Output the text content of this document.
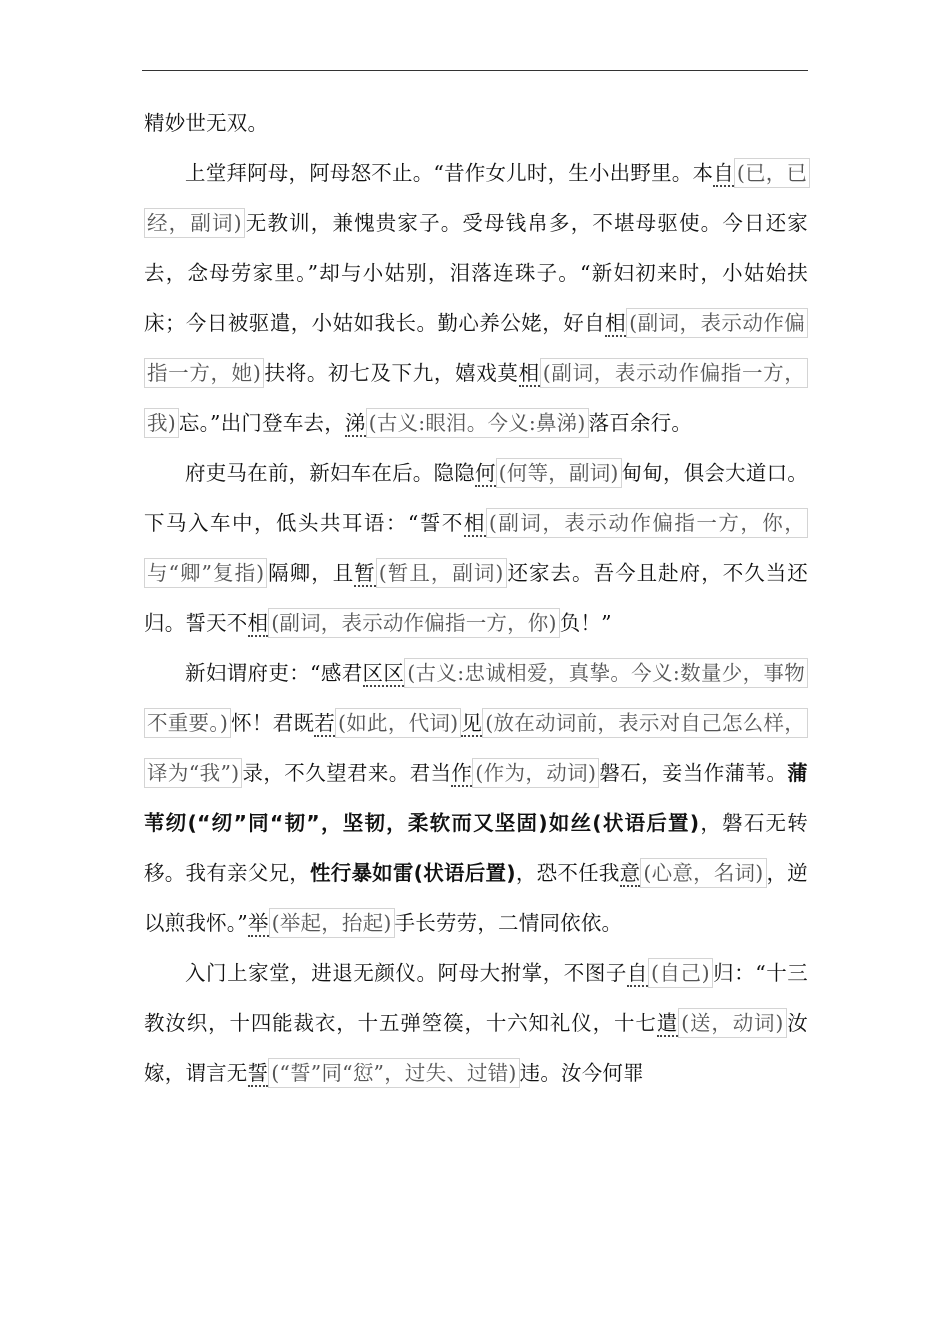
精妙世无双。

上堂拜阿母，阿母怒不止。“昔作女儿时，生小出野里。本自 (已，已经，副词) 无教训，兼愧贵家子。受母钱帛多，不堪母驱使。今日还家去，念母劳家里。”却与小姑别，泪落连珠子。“新妇初来时，小姑始扶床；今日被驱遣，小姑如我长。勤心养公姥，好自相 (副词，表示动作偏指一方，她) 扶将。初七及下九，嬉戏莫相 (副词，表示动作偏指一方，我) 忘。”出门登车去，涕 (古义:眼泪。今义:鼻涕) 落百余行。

府吏马在前，新妇车在后。隐隐何 (何等，副词) 甸甸，俱会大道口。下马入车中，低头共耳语：“誓不相 (副词，表示动作偏指一方，你，与“卿”复指) 隔卿，且暂 (暂且，副词) 还家去。吾今且赴府，不久当还归。誓天不相 (副词，表示动作偏指一方，你) 负！”

新妇谓府吏：“感君区区 (古义:忠诚相爱，真挚。今义:数量少，事物不重要。) 怀！君既若 (如此，代词) 见 (放在动词前，表示对自己怎么样，译为“我”) 录，不久望君来。君当作 (作为，动词) 磐石，妾当作蒲苇。蒲苇纫(“纫”同“韧”，坚韧，柔软而又坚固)如丝(状语后置)，磐石无转移。我有亲父兄，性行暴如雷(状语后置)，恐不任我意 (心意，名词) ，逆以煎我怀。”举 (举起，抬起) 手长劳劳，二情同依依。

入门上家堂，进退无颜仪。阿母大拊掌，不图子自 (自己) 归：“十三教汝织，十四能裁衣，十五弹箜篌，十六知礼仪，十七遣 (送，动词) 汝嫁，谓言无誓 (“誓”同“愆”，过失、过错) 违。汝今何罪
